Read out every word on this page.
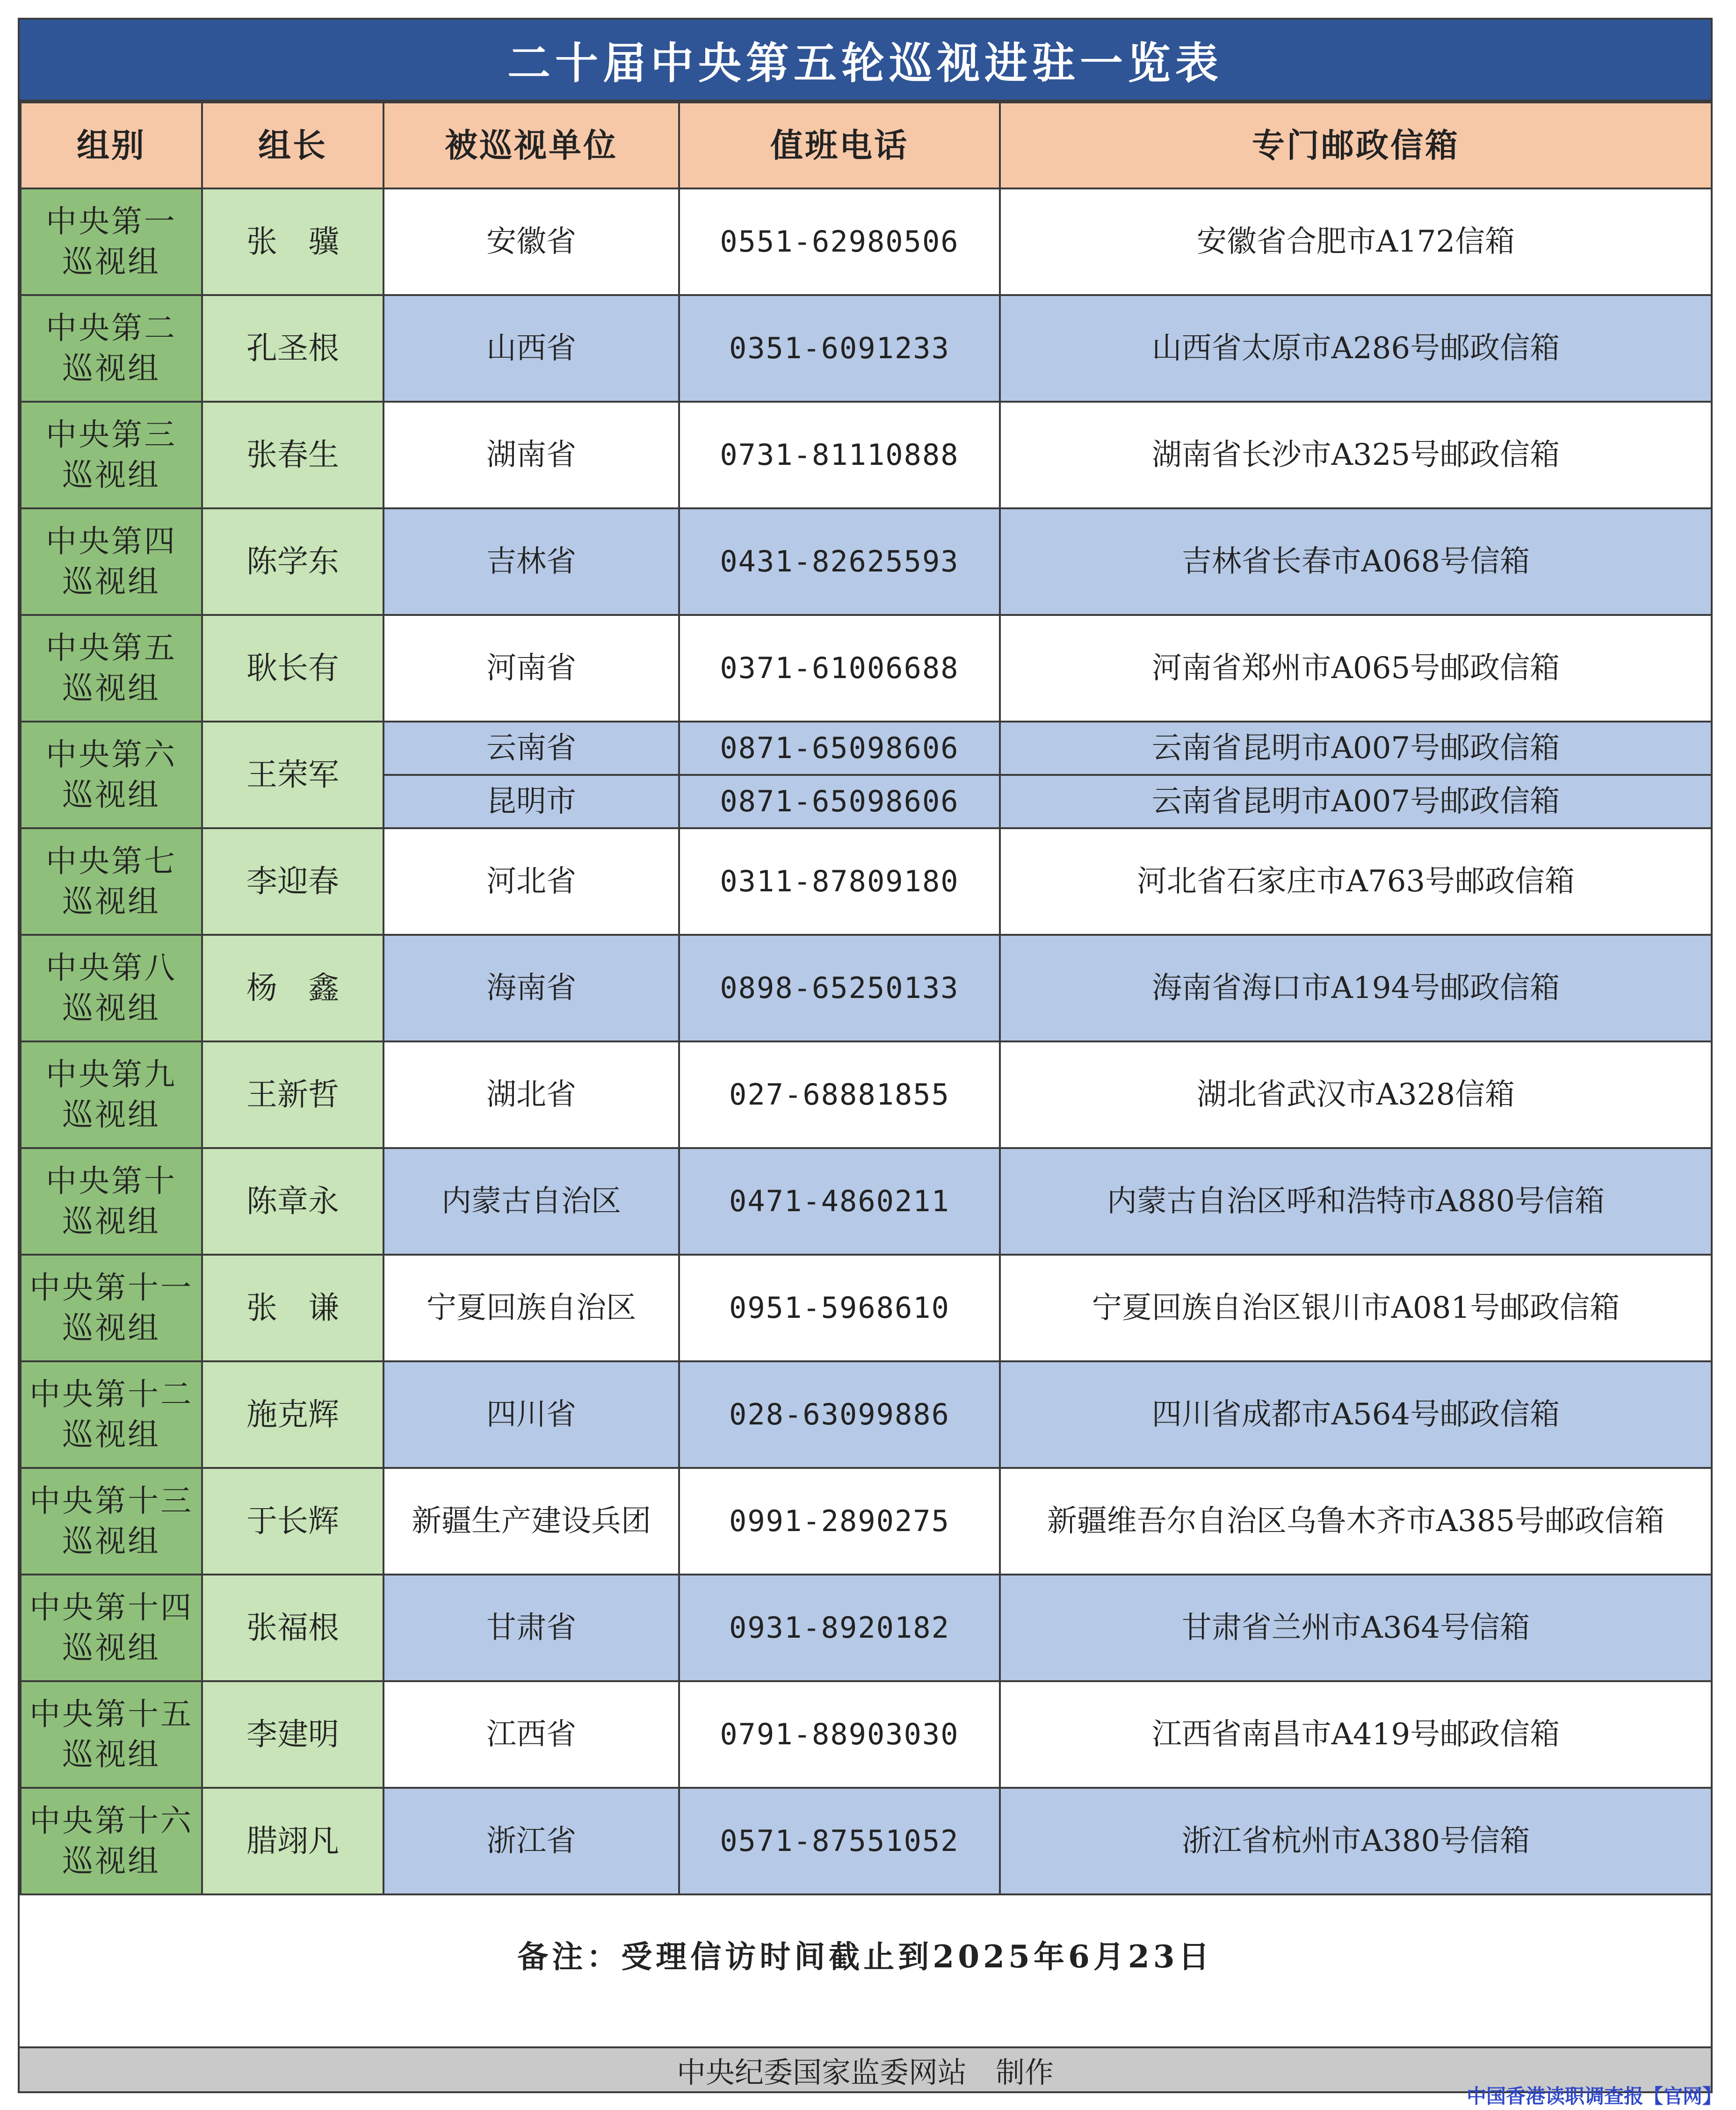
二十届中央第五轮巡视进驻一览表
组别	组长	被巡视单位	值班电话	专门邮政信箱
中央第一
巡视组	张　骥	安徽省	0551-62980506	安徽省合肥市A172信箱
中央第二
巡视组	孔圣根	山西省	0351-6091233	山西省太原市A286号邮政信箱
中央第三
巡视组	张春生	湖南省	0731-81110888	湖南省长沙市A325号邮政信箱
中央第四
巡视组	陈学东	吉林省	0431-82625593	吉林省长春市A068号信箱
中央第五
巡视组	耿长有	河南省	0371-61006688	河南省郑州市A065号邮政信箱
中央第六
巡视组	王荣军	云南省	0871-65098606	云南省昆明市A007号邮政信箱
		昆明市	0871-65098606	云南省昆明市A007号邮政信箱
中央第七
巡视组	李迎春	河北省	0311-87809180	河北省石家庄市A763号邮政信箱
中央第八
巡视组	杨　鑫	海南省	0898-65250133	海南省海口市A194号邮政信箱
中央第九
巡视组	王新哲	湖北省	027-68881855	湖北省武汉市A328信箱
中央第十
巡视组	陈章永	内蒙古自治区	0471-4860211	内蒙古自治区呼和浩特市A880号信箱
中央第十一
巡视组	张　谦	宁夏回族自治区	0951-5968610	宁夏回族自治区银川市A081号邮政信箱
中央第十二
巡视组	施克辉	四川省	028-63099886	四川省成都市A564号邮政信箱
中央第十三
巡视组	于长辉	新疆生产建设兵团	0991-2890275	新疆维吾尔自治区乌鲁木齐市A385号邮政信箱
中央第十四
巡视组	张福根	甘肃省	0931-8920182	甘肃省兰州市A364号信箱
中央第十五
巡视组	李建明	江西省	0791-88903030	江西省南昌市A419号邮政信箱
中央第十六
巡视组	腊翊凡	浙江省	0571-87551052	浙江省杭州市A380号信箱
备注：受理信访时间截止到2025年6月23日
中央纪委国家监委网站　制作
中国香港读职调查报【官网】
